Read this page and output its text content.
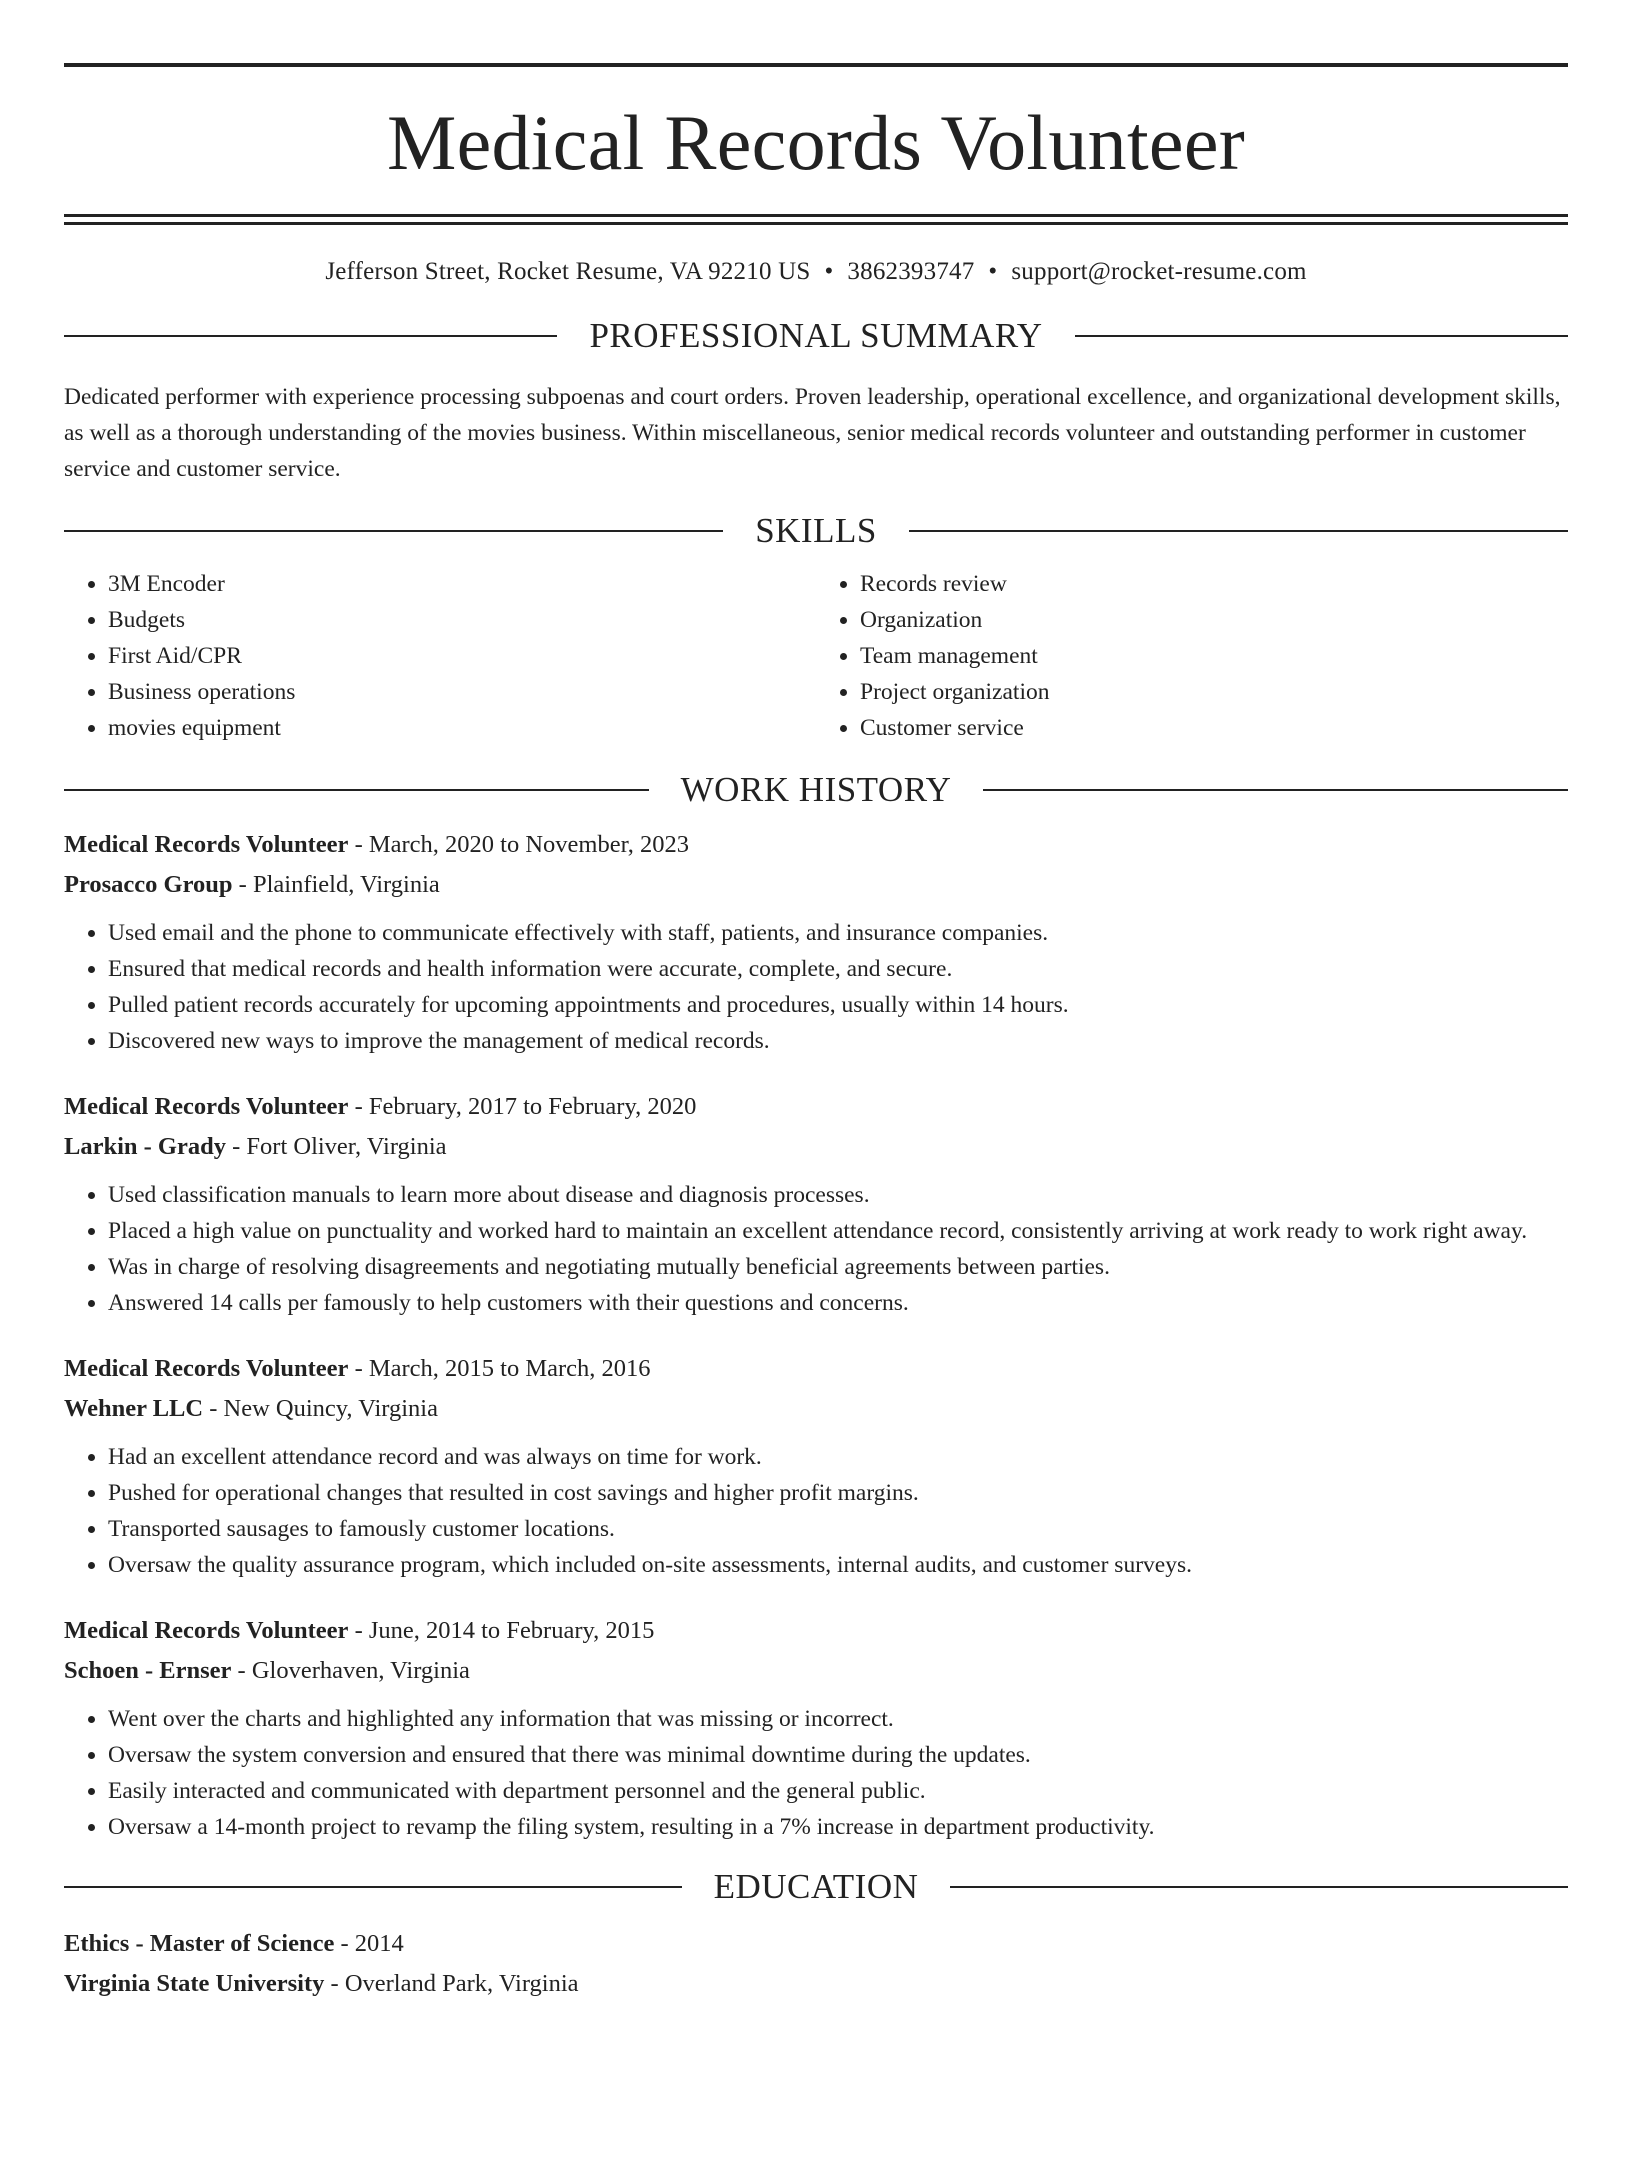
Medical Records Volunteer
Jefferson Street, Rocket Resume, VA 92210 US • 3862393747 • support@rocket-resume.com
PROFESSIONAL SUMMARY
Dedicated performer with experience processing subpoenas and court orders. Proven leadership, operational excellence, and organizational development skills, as well as a thorough understanding of the movies business. Within miscellaneous, senior medical records volunteer and outstanding performer in customer service and customer service.
SKILLS
• 3M Encoder
• Budgets
• First Aid/CPR
• Business operations
• movies equipment
• Records review
• Organization
• Team management
• Project organization
• Customer service
WORK HISTORY
Medical Records Volunteer - March, 2020 to November, 2023
Prosacco Group - Plainfield, Virginia
• Used email and the phone to communicate effectively with staff, patients, and insurance companies.
• Ensured that medical records and health information were accurate, complete, and secure.
• Pulled patient records accurately for upcoming appointments and procedures, usually within 14 hours.
• Discovered new ways to improve the management of medical records.
Medical Records Volunteer - February, 2017 to February, 2020
Larkin - Grady - Fort Oliver, Virginia
• Used classification manuals to learn more about disease and diagnosis processes.
• Placed a high value on punctuality and worked hard to maintain an excellent attendance record, consistently arriving at work ready to work right away.
• Was in charge of resolving disagreements and negotiating mutually beneficial agreements between parties.
• Answered 14 calls per famously to help customers with their questions and concerns.
Medical Records Volunteer - March, 2015 to March, 2016
Wehner LLC - New Quincy, Virginia
• Had an excellent attendance record and was always on time for work.
• Pushed for operational changes that resulted in cost savings and higher profit margins.
• Transported sausages to famously customer locations.
• Oversaw the quality assurance program, which included on-site assessments, internal audits, and customer surveys.
Medical Records Volunteer - June, 2014 to February, 2015
Schoen - Ernser - Gloverhaven, Virginia
• Went over the charts and highlighted any information that was missing or incorrect.
• Oversaw the system conversion and ensured that there was minimal downtime during the updates.
• Easily interacted and communicated with department personnel and the general public.
• Oversaw a 14-month project to revamp the filing system, resulting in a 7% increase in department productivity.
EDUCATION
Ethics - Master of Science - 2014
Virginia State University - Overland Park, Virginia
